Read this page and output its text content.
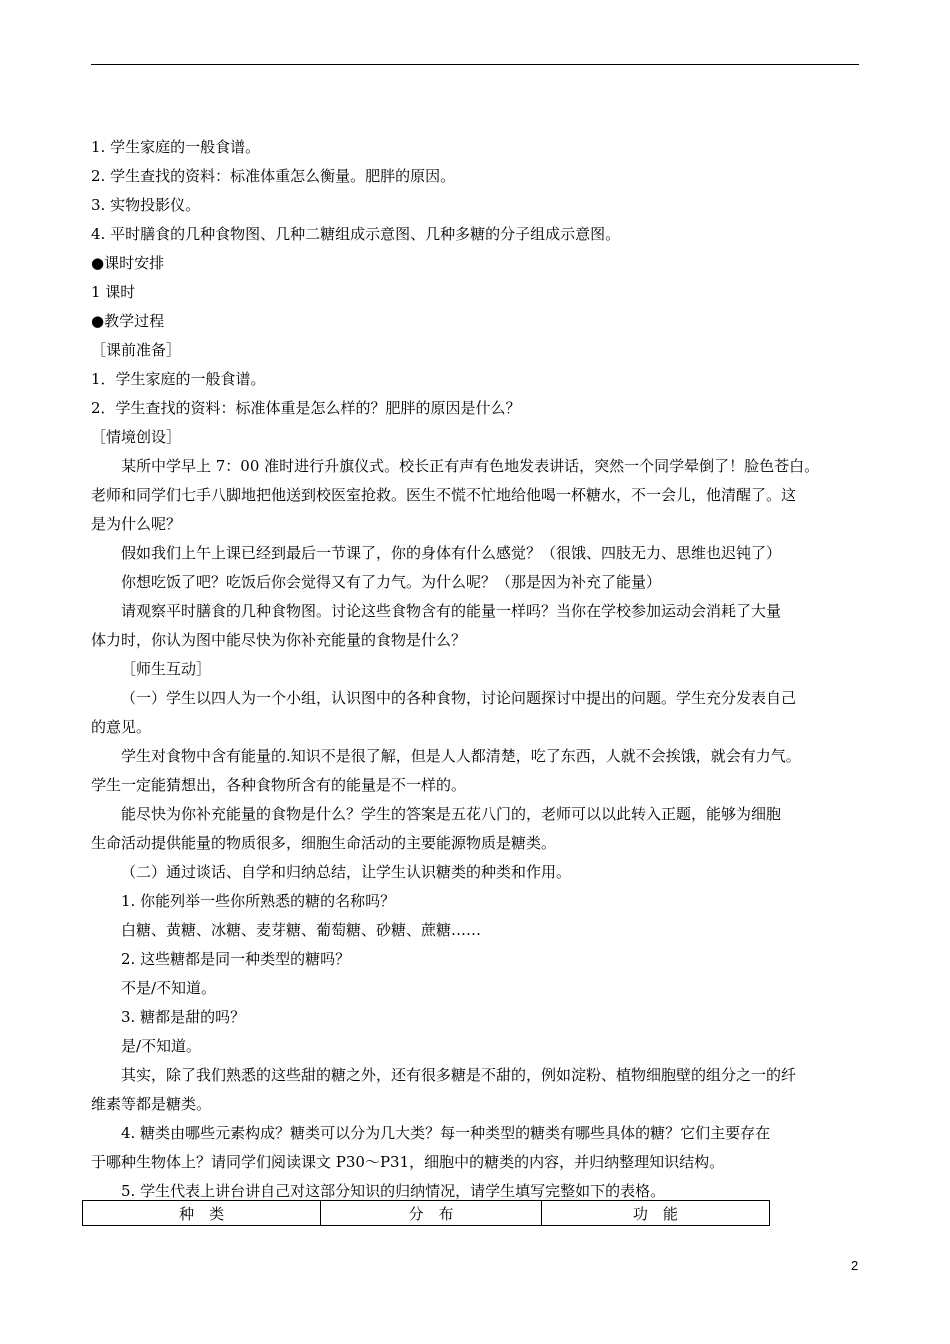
1. 学生家庭的一般食谱。

2. 学生查找的资料：标准体重怎么衡量。肥胖的原因。

3. 实物投影仪。

4. 平时膳食的几种食物图、几种二糖组成示意图、几种多糖的分子组成示意图。

●课时安排

1 课时

●教学过程

［课前准备］

1．学生家庭的一般食谱。

2．学生查找的资料：标准体重是怎么样的？肥胖的原因是什么？

［情境创设］

某所中学早上 7：00 准时进行升旗仪式。校长正有声有色地发表讲话，突然一个同学晕倒了！脸色苍白。

老师和同学们七手八脚地把他送到校医室抢救。医生不慌不忙地给他喝一杯糖水，不一会儿，他清醒了。这

是为什么呢？

假如我们上午上课已经到最后一节课了，你的身体有什么感觉？（很饿、四肢无力、思维也迟钝了）

你想吃饭了吧？吃饭后你会觉得又有了力气。为什么呢？（那是因为补充了能量）

请观察平时膳食的几种食物图。讨论这些食物含有的能量一样吗？当你在学校参加运动会消耗了大量

体力时，你认为图中能尽快为你补充能量的食物是什么？

［师生互动］

（一）学生以四人为一个小组，认识图中的各种食物，讨论问题探讨中提出的问题。学生充分发表自己

的意见。

学生对食物中含有能量的.知识不是很了解，但是人人都清楚，吃了东西，人就不会挨饿，就会有力气。

学生一定能猜想出，各种食物所含有的能量是不一样的。

能尽快为你补充能量的食物是什么？学生的答案是五花八门的，老师可以以此转入正题，能够为细胞

生命活动提供能量的物质很多，细胞生命活动的主要能源物质是糖类。

（二）通过谈话、自学和归纳总结，让学生认识糖类的种类和作用。

1. 你能列举一些你所熟悉的糖的名称吗？

白糖、黄糖、冰糖、麦芽糖、葡萄糖、砂糖、蔗糖……

2. 这些糖都是同一种类型的糖吗？

不是/不知道。

3. 糖都是甜的吗？

是/不知道。

其实，除了我们熟悉的这些甜的糖之外，还有很多糖是不甜的，例如淀粉、植物细胞壁的组分之一的纤

维素等都是糖类。

4. 糖类由哪些元素构成？糖类可以分为几大类？每一种类型的糖类有哪些具体的糖？它们主要存在

于哪种生物体上？请同学们阅读课文 P30～P31，细胞中的糖类的内容，并归纳整理知识结构。

5. 学生代表上讲台讲自己对这部分知识的归纳情况，请学生填写完整如下的表格。

种　类	分　布	功　能
2
